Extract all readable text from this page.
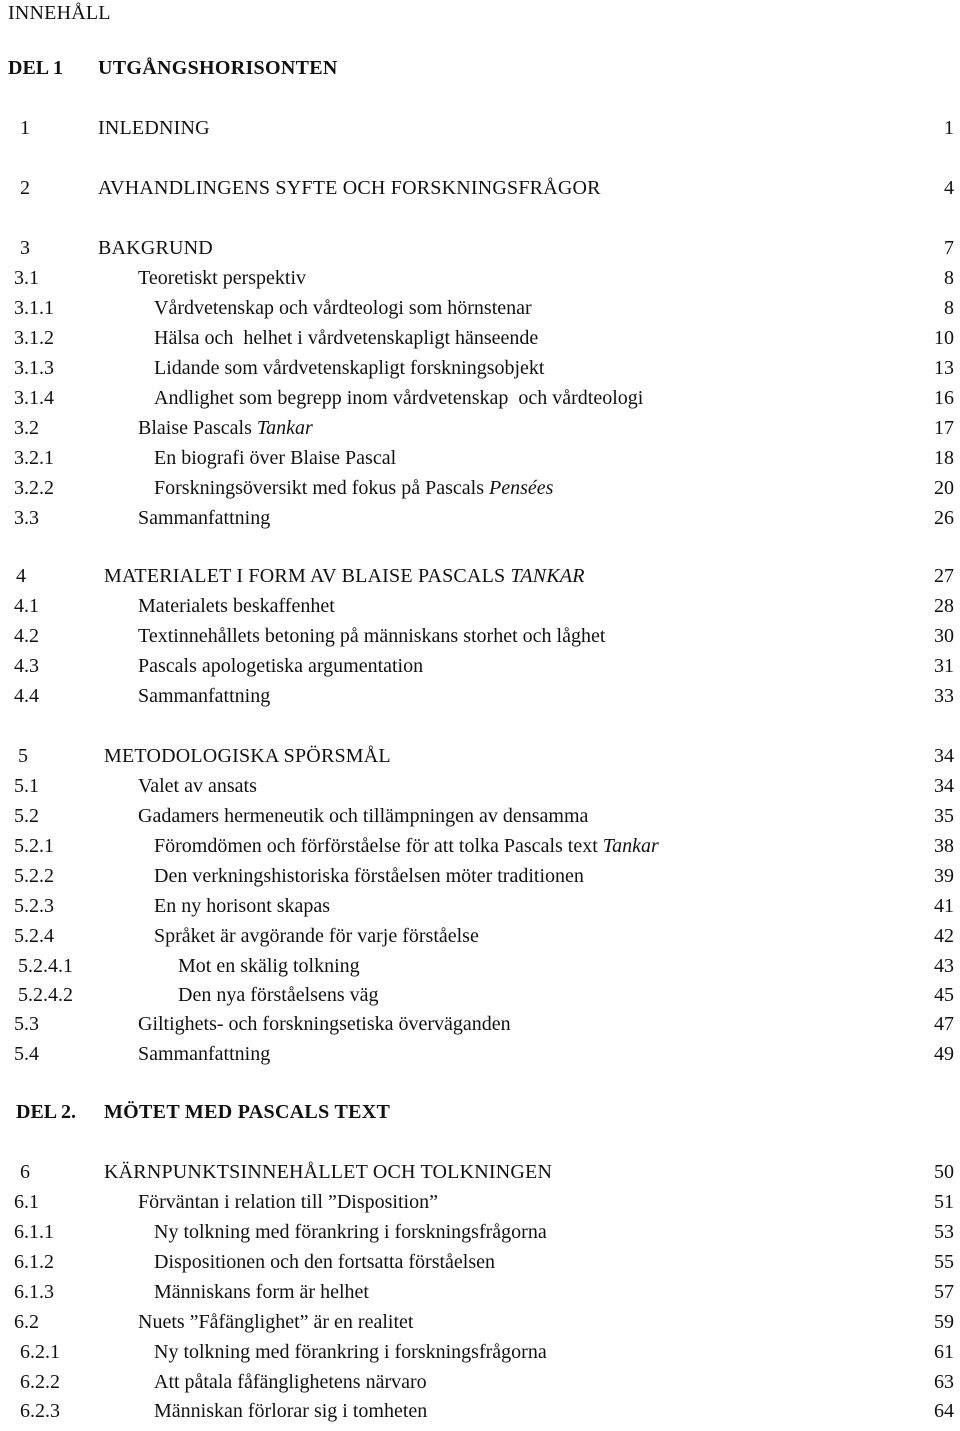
INNEHÅLL
DEL 1 UTGÅNGSHORISONTEN
1	INLEDNING	1
2	AVHANDLINGENS SYFTE OCH FORSKNINGSFRÅGOR	4
3	BAKGRUND	7
3.1	Teoretiskt perspektiv	8
3.1.1	Vårdvetenskap och vårdteologi som hörnstenar	8
3.1.2	Hälsa och  helhet i vårdvetenskapligt hänseende	10
3.1.3	Lidande som vårdvetenskapligt forskningsobjekt	13
3.1.4	Andlighet som begrepp inom vårdvetenskap  och vårdteologi	16
3.2	Blaise Pascals Tankar	17
3.2.1	En biografi över Blaise Pascal	18
3.2.2	Forskningsöversikt med fokus på Pascals Pensées	20
3.3	Sammanfattning	26
4	MATERIALET I FORM AV BLAISE PASCALS TANKAR	27
4.1	Materialets beskaffenhet	28
4.2	Textinnehållets betoning på människans storhet och låghet	30
4.3	Pascals apologetiska argumentation	31
4.4	Sammanfattning	33
5	METODOLOGISKA SPÖRSMÅL	34
5.1	Valet av ansats	34
5.2	Gadamers hermeneutik och tillämpningen av densamma	35
5.2.1	Föromdömen och förförståelse för att tolka Pascals text Tankar	38
5.2.2	Den verkningshistoriska förståelsen möter traditionen	39
5.2.3	En ny horisont skapas	41
5.2.4	Språket är avgörande för varje förståelse	42
5.2.4.1	Mot en skälig tolkning	43
5.2.4.2	Den nya förståelsens väg	45
5.3	Giltighets- och forskningsetiska överväganden	47
5.4	Sammanfattning	49
DEL 2. MÖTET MED PASCALS TEXT
6	KÄRNPUNKTSINNEHÅLLET OCH TOLKNINGEN	50
6.1	Förväntan i relation till ”Disposition”	51
6.1.1	Ny tolkning med förankring i forskningsfrågorna	53
6.1.2	Dispositionen och den fortsatta förståelsen	55
6.1.3	Människans form är helhet	57
6.2	Nuets ”Fåfänglighet” är en realitet	59
6.2.1	Ny tolkning med förankring i forskningsfrågorna	61
6.2.2	Att påtala fåfänglighetens närvaro	63
6.2.3	Människan förlorar sig i tomheten	64
